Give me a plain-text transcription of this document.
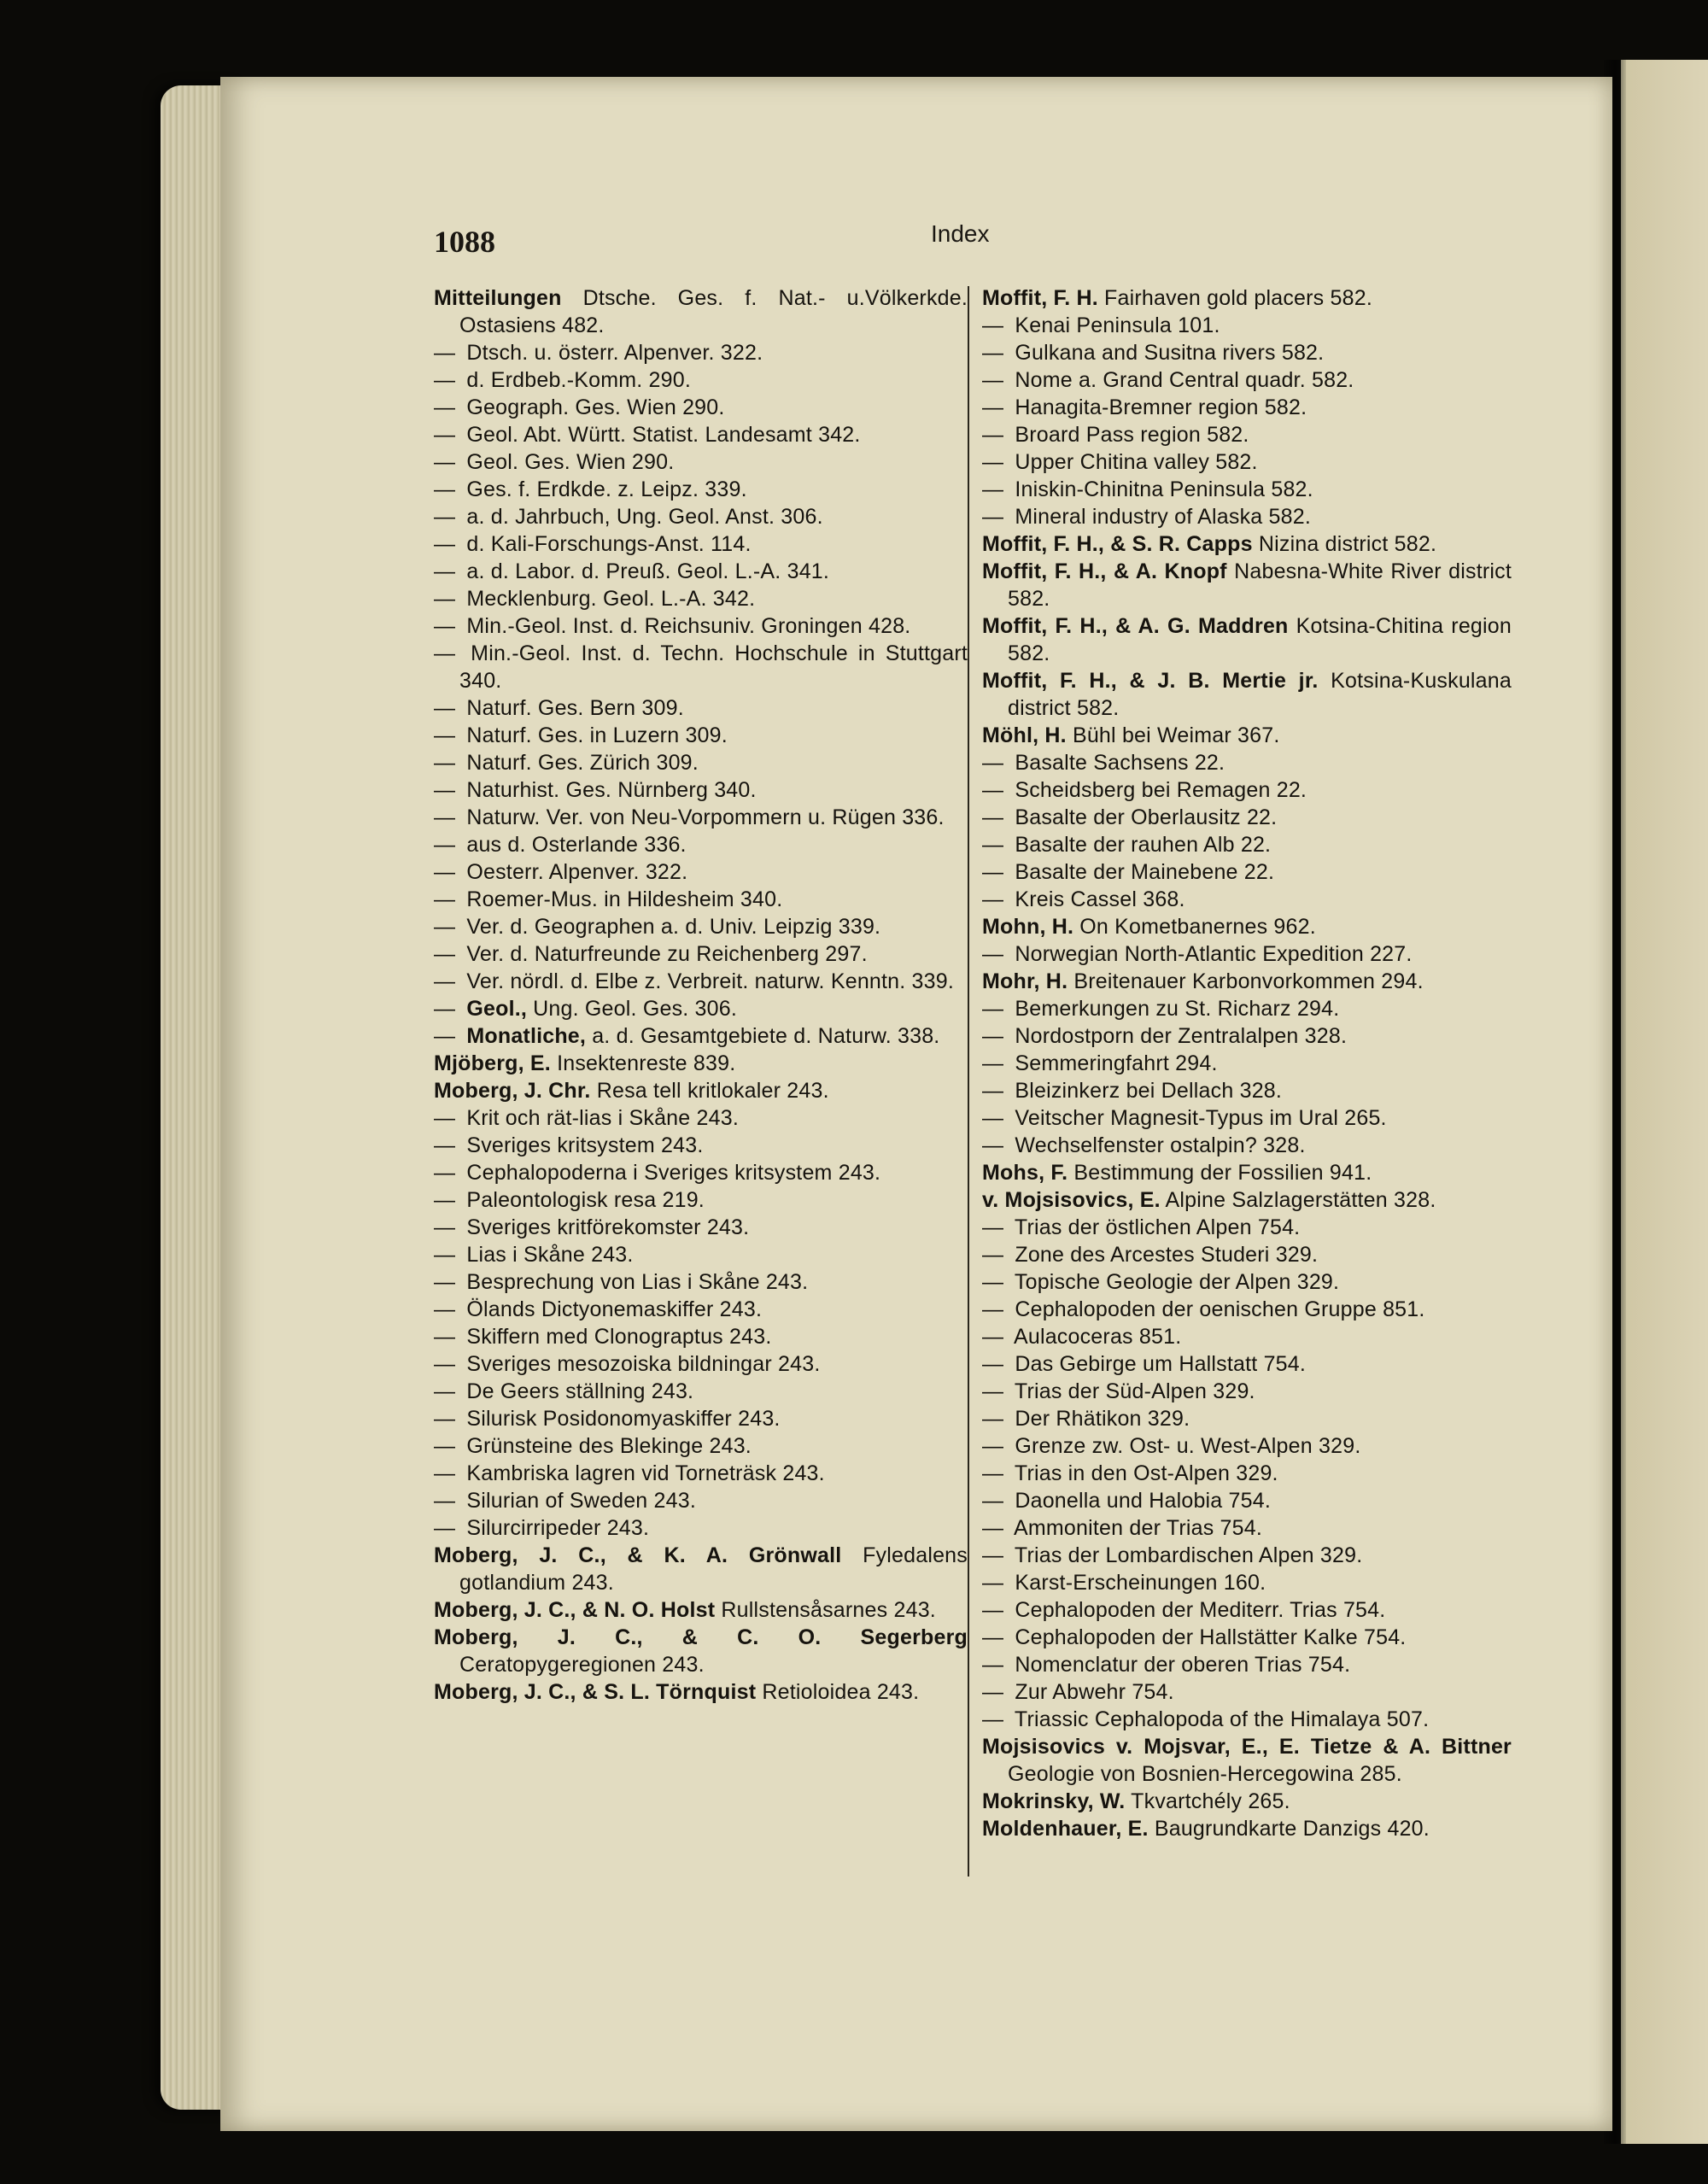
1088	Index

Mitteilungen Dtsche. Ges. f. Nat.- u.Völkerkde. Ostasiens 482.

— Dtsch. u. österr. Alpenver. 322.

— d. Erdbeb.-Komm. 290.

— Geograph. Ges. Wien 290.

— Geol. Abt. Württ. Statist. Landesamt 342.

— Geol. Ges. Wien 290.

— Ges. f. Erdkde. z. Leipz. 339.

— a. d. Jahrbuch, Ung. Geol. Anst. 306.

— d. Kali-Forschungs-Anst. 114.

— a. d. Labor. d. Preuß. Geol. L.-A. 341.

— Mecklenburg. Geol. L.-A. 342.

— Min.-Geol. Inst. d. Reichsuniv. Groningen 428.

— Min.-Geol. Inst. d. Techn. Hochschule in Stuttgart 340.

— Naturf. Ges. Bern 309.

— Naturf. Ges. in Luzern 309.

— Naturf. Ges. Zürich 309.

— Naturhist. Ges. Nürnberg 340.

— Naturw. Ver. von Neu-Vorpommern u. Rügen 336.

— aus d. Osterlande 336.

— Oesterr. Alpenver. 322.

— Roemer-Mus. in Hildesheim 340.

— Ver. d. Geographen a. d. Univ. Leipzig 339.

— Ver. d. Naturfreunde zu Reichenberg 297.

— Ver. nördl. d. Elbe z. Verbreit. naturw. Kenntn. 339.

— Geol., Ung. Geol. Ges. 306.

— Monatliche, a. d. Gesamtgebiete d. Naturw. 338.

Mjöberg, E. Insektenreste 839.

Moberg, J. Chr. Resa tell kritlokaler 243.

— Krit och rät-lias i Skåne 243.

— Sveriges kritsystem 243.

— Cephalopoderna i Sveriges kritsystem 243.

— Paleontologisk resa 219.

— Sveriges kritförekomster 243.

— Lias i Skåne 243.

— Besprechung von Lias i Skåne 243.

— Ölands Dictyonemaskiffer 243.

— Skiffern med Clonograptus 243.

— Sveriges mesozoiska bildningar 243.

— De Geers ställning 243.

— Silurisk Posidonomyaskiffer 243.

— Grünsteine des Blekinge 243.

— Kambriska lagren vid Torneträsk 243.

— Silurian of Sweden 243.

— Silurcirripeder 243.

Moberg, J. C., & K. A. Grönwall Fyledalens gotlandium 243.

Moberg, J. C., & N. O. Holst Rullstensåsarnes 243.

Moberg, J. C., & C. O. Segerberg Ceratopygeregionen 243.

Moberg, J. C., & S. L. Törnquist Retioloidea 243.

Moffit, F. H. Fairhaven gold placers 582.

— Kenai Peninsula 101.

— Gulkana and Susitna rivers 582.

— Nome a. Grand Central quadr. 582.

— Hanagita-Bremner region 582.

— Broard Pass region 582.

— Upper Chitina valley 582.

— Iniskin-Chinitna Peninsula 582.

— Mineral industry of Alaska 582.

Moffit, F. H., & S. R. Capps Nizina district 582.

Moffit, F. H., & A. Knopf Nabesna-White River district 582.

Moffit, F. H., & A. G. Maddren Kotsina-Chitina region 582.

Moffit, F. H., & J. B. Mertie jr. Kotsina-Kuskulana district 582.

Möhl, H. Bühl bei Weimar 367.

— Basalte Sachsens 22.

— Scheidsberg bei Remagen 22.

— Basalte der Oberlausitz 22.

— Basalte der rauhen Alb 22.

— Basalte der Mainebene 22.

— Kreis Cassel 368.

Mohn, H. On Kometbanernes 962.

— Norwegian North-Atlantic Expedition 227.

Mohr, H. Breitenauer Karbonvorkommen 294.

— Bemerkungen zu St. Richarz 294.

— Nordostporn der Zentralalpen 328.

— Semmeringfahrt 294.

— Bleizinkerz bei Dellach 328.

— Veitscher Magnesit-Typus im Ural 265.

— Wechselfenster ostalpin? 328.

Mohs, F. Bestimmung der Fossilien 941.

v. Mojsisovics, E. Alpine Salzlagerstätten 328.

— Trias der östlichen Alpen 754.

— Zone des Arcestes Studeri 329.

— Topische Geologie der Alpen 329.

— Cephalopoden der oenischen Gruppe 851.

— Aulacoceras 851.

— Das Gebirge um Hallstatt 754.

— Trias der Süd-Alpen 329.

— Der Rhätikon 329.

— Grenze zw. Ost- u. West-Alpen 329.

— Trias in den Ost-Alpen 329.

— Daonella und Halobia 754.

— Ammoniten der Trias 754.

— Trias der Lombardischen Alpen 329.

— Karst-Erscheinungen 160.

— Cephalopoden der Mediterr. Trias 754.

— Cephalopoden der Hallstätter Kalke 754.

— Nomenclatur der oberen Trias 754.

— Zur Abwehr 754.

— Triassic Cephalopoda of the Himalaya 507.

Mojsisovics v. Mojsvar, E., E. Tietze & A. Bittner Geologie von Bosnien-Hercegowina 285.

Mokrinsky, W. Tkvartchély 265.

Moldenhauer, E. Baugrundkarte Danzigs 420.
